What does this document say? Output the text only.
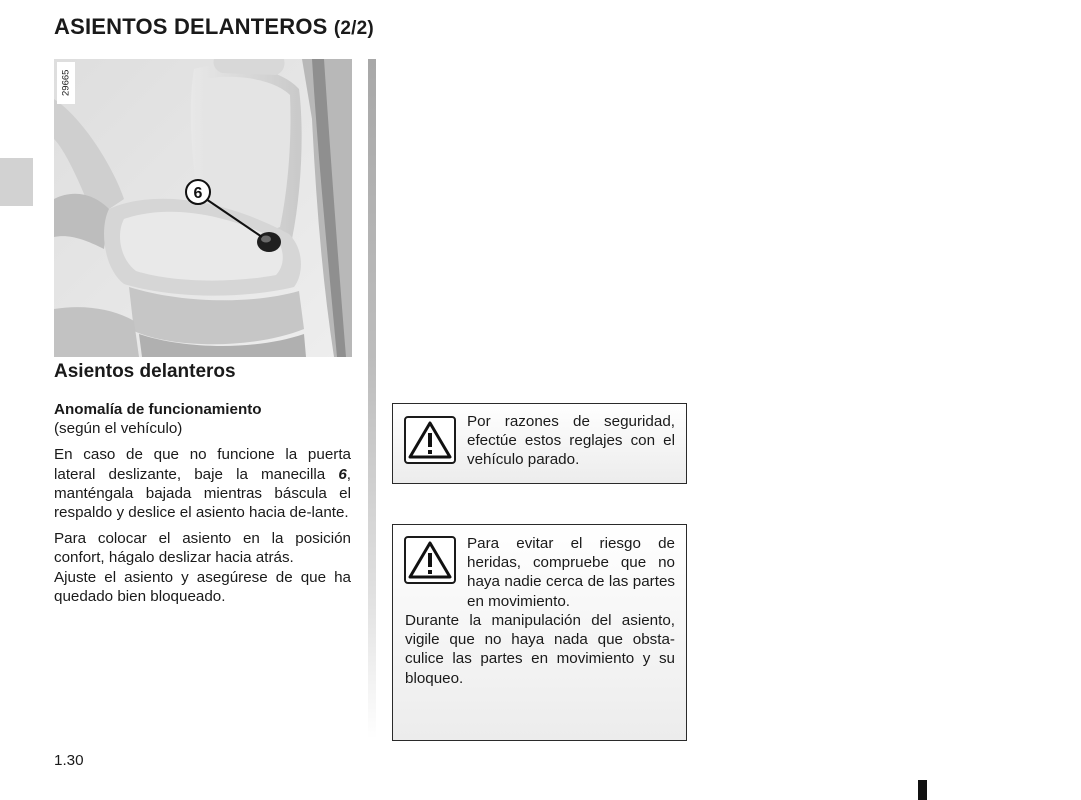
ASIENTOS DELANTEROS (2/2)
6
29665
Asientos delanteros

Anomalía de funcionamiento

(según el vehículo)

En caso de que no funcione la puerta lateral deslizante, baje la manecilla 6, manténgala bajada mientras báscula el respaldo y deslice el asiento hacia de-lante.

Para colocar el asiento en la posición confort, hágalo deslizar hacia atrás.

Ajuste el asiento y asegúrese de que ha quedado bien bloqueado.

Por razones de seguridad, efectúe estos reglajes con el vehículo parado.
Para evitar el riesgo de heridas, compruebe que no haya nadie cerca de las partes en movimiento.
Durante la manipulación del asiento, vigile que no haya nada que obsta-culice las partes en movimiento y su bloqueo.
1.30
